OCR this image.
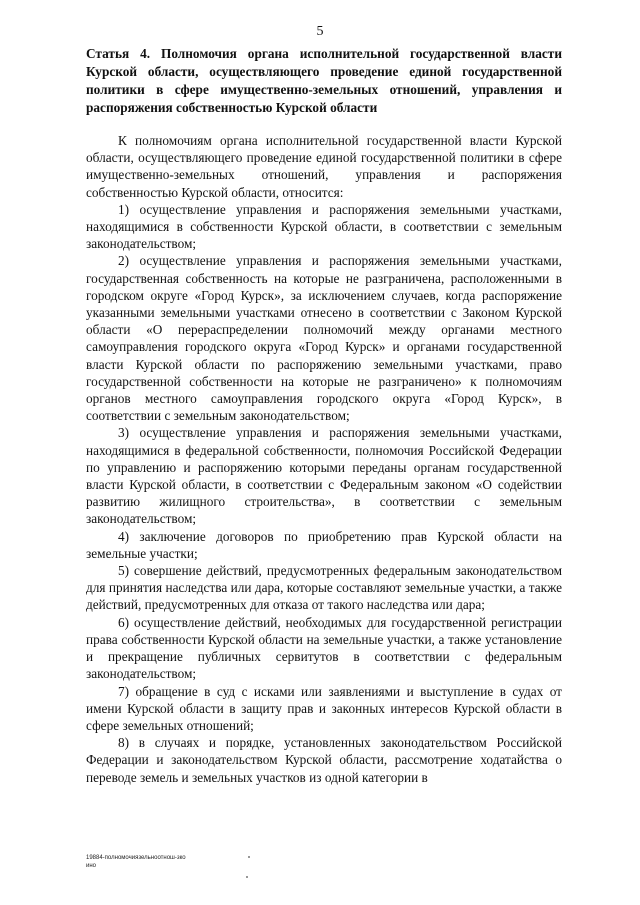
5
Статья 4. Полномочия органа исполнительной государственной власти Курской области, осуществляющего проведение единой государственной политики в сфере имущественно-земельных отношений, управления и распоряжения собственностью Курской области

К полномочиям органа исполнительной государственной власти Курской области, осуществляющего проведение единой государственной политики в сфере имущественно-земельных отношений, управления и распоряжения собственностью Курской области, относится:

1) осуществление управления и распоряжения земельными участками, находящимися в собственности Курской области, в соответствии с земельным законодательством;

2) осуществление управления и распоряжения земельными участками, государственная собственность на которые не разграничена, расположенными в городском округе «Город Курск», за исключением случаев, когда распоряжение указанными земельными участками отнесено в соответствии с Законом Курской области «О перераспределении полномочий между органами местного самоуправления городского округа «Город Курск» и органами государственной власти Курской области по распоряжению земельными участками, право государственной собственности на которые не разграничено» к полномочиям органов местного самоуправления городского округа «Город Курск», в соответствии с земельным законодательством;

3) осуществление управления и распоряжения земельными участками, находящимися в федеральной собственности, полномочия Российской Федерации по управлению и распоряжению которыми переданы органам государственной власти Курской области, в соответствии с Федеральным законом «О содействии развитию жилищного строительства», в соответствии с земельным законодательством;

4) заключение договоров по приобретению прав Курской области на земельные участки;

5) совершение действий, предусмотренных федеральным законодательством для принятия наследства или дара, которые составляют земельные участки, а также действий, предусмотренных для отказа от такого наследства или дара;

6) осуществление действий, необходимых для государственной регистрации права собственности Курской области на земельные участки, а также установление и прекращение публичных сервитутов в соответствии с федеральным законодательством;

7) обращение в суд с исками или заявлениями и выступление в судах от имени Курской области в защиту прав и законных интересов Курской области в сфере земельных отношений;

8) в случаях и порядке, установленных законодательством Российской Федерации и законодательством Курской области, рассмотрение ходатайства о переводе земель и земельных участков из одной категории в

19884-полномочиязельноотнош-зко
ино
